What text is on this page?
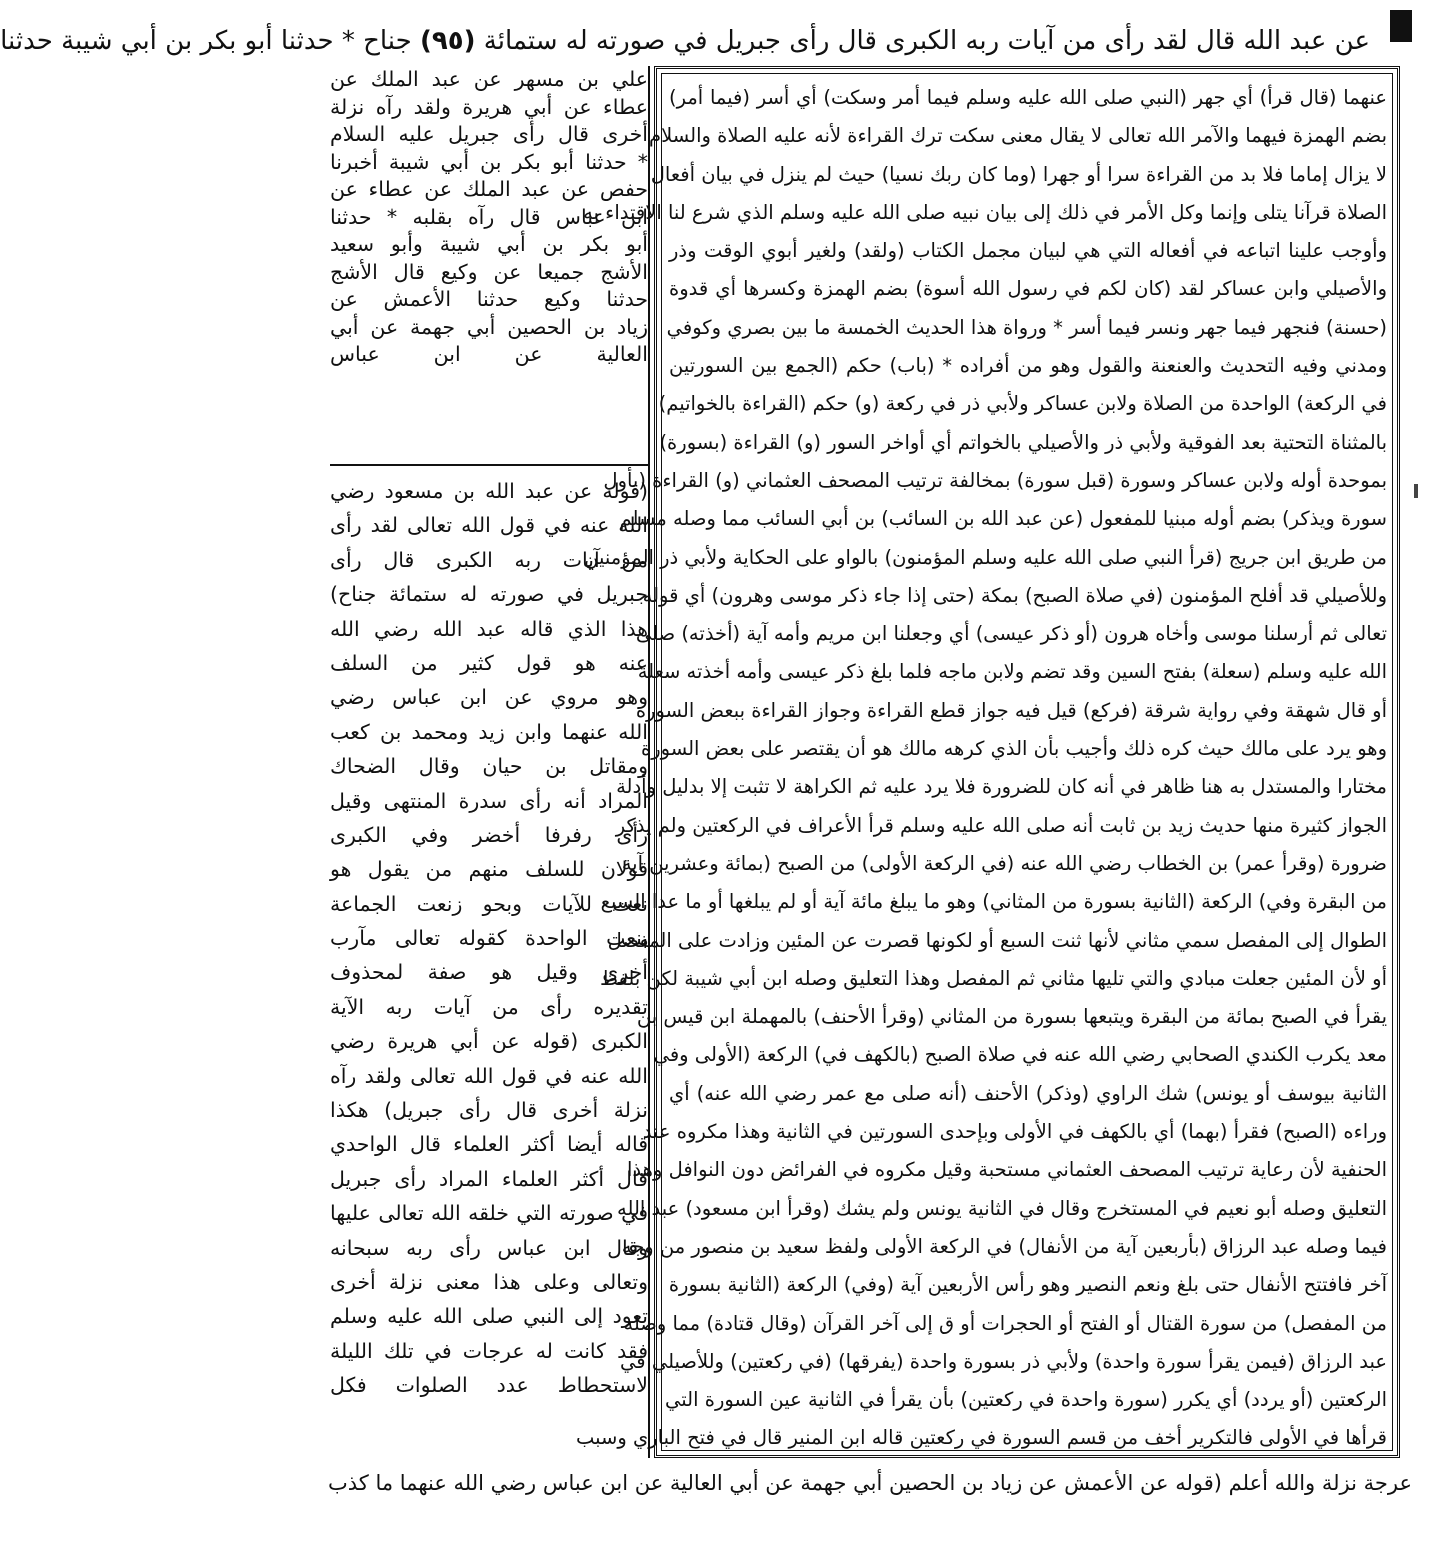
عن عبد الله قال لقد رأى من آيات ربه الكبرى قال رأى جبريل في صورته له ستمائة (٩٥) جناح * حدثنا أبو بكر بن أبي شيبة حدثنا
علي بن مسهر عن عبد الملك عن
عطاء عن أبي هريرة ولقد رآه نزلة
أخرى قال رأى جبريل عليه السلام
* حدثنا أبو بكر بن أبي شيبة أخبرنا
حفص عن عبد الملك عن عطاء عن
ابن عباس قال رآه بقلبه * حدثنا
أبو بكر بن أبي شيبة وأبو سعيد
الأشج جميعا عن وكيع قال الأشج
حدثنا وكيع حدثنا الأعمش عن
زياد بن الحصين أبي جهمة عن أبي
العالية عن ابن عباس
(قوله عن عبد الله بن مسعود رضي
الله عنه في قول الله تعالى لقد رأى
من آيات ربه الكبرى قال رأى
جبريل في صورته له ستمائة جناح)
هذا الذي قاله عبد الله رضي الله
عنه هو قول كثير من السلف
وهو مروي عن ابن عباس رضي
الله عنهما وابن زيد ومحمد بن كعب
ومقاتل بن حيان وقال الضحاك
المراد أنه رأى سدرة المنتهى وقيل
رأى رفرفا أخضر وفي الكبرى
قولان للسلف منهم من يقول هو
نعت للآيات وبحو زنعت الجماعة
بنعت الواحدة كقوله تعالى مآرب
أخرى وقيل هو صفة لمحذوف
تقديره رأى من آيات ربه الآية
الكبرى (قوله عن أبي هريرة رضي
الله عنه في قول الله تعالى ولقد رآه
نزلة أخرى قال رأى جبريل) هكذا
قاله أيضا أكثر العلماء قال الواحدي
قال أكثر العلماء المراد رأى جبريل
في صورته التي خلقه الله تعالى عليها
وقال ابن عباس رأى ربه سبحانه
وتعالى وعلى هذا معنى نزلة أخرى
تعود إلى النبي صلى الله عليه وسلم
فقد كانت له عرجات في تلك الليلة
لاستحطاط عدد الصلوات فكل
عنهما (قال قرأ) أي جهر (النبي صلى الله عليه وسلم فيما أمر وسكت) أي أسر (فيما أمر)
بضم الهمزة فيهما والآمر الله تعالى لا يقال معنى سكت ترك القراءة لأنه عليه الصلاة والسلام
لا يزال إماما فلا بد من القراءة سرا أو جهرا (وما كان ربك نسيا) حيث لم ينزل في بيان أفعال
الصلاة قرآنا يتلى وإنما وكل الأمر في ذلك إلى بيان نبيه صلى الله عليه وسلم الذي شرع لنا الاقتداء به
وأوجب علينا اتباعه في أفعاله التي هي لبيان مجمل الكتاب (ولقد) ولغير أبوي الوقت وذر
والأصيلي وابن عساكر لقد (كان لكم في رسول الله أسوة) بضم الهمزة وكسرها أي قدوة
(حسنة) فنجهر فيما جهر ونسر فيما أسر * ورواة هذا الحديث الخمسة ما بين بصري وكوفي
ومدني وفيه التحديث والعنعنة والقول وهو من أفراده * (باب) حكم (الجمع بين السورتين
في الركعة) الواحدة من الصلاة ولابن عساكر ولأبي ذر في ركعة (و) حكم (القراءة بالخواتيم)
بالمثناة التحتية بعد الفوقية ولأبي ذر والأصيلي بالخواتم أي أواخر السور (و) القراءة (بسورة)
بموحدة أوله ولابن عساكر وسورة (قبل سورة) بمخالفة ترتيب المصحف العثماني (و) القراءة (بأول
سورة ويذكر) بضم أوله مبنيا للمفعول (عن عبد الله بن السائب) بن أبي السائب مما وصله مسلم
من طريق ابن جريج (قرأ النبي صلى الله عليه وسلم المؤمنون) بالواو على الحكاية ولأبي ذر المؤمنين
وللأصيلي قد أفلح المؤمنون (في صلاة الصبح) بمكة (حتى إذا جاء ذكر موسى وهرون) أي قوله
تعالى ثم أرسلنا موسى وأخاه هرون (أو ذكر عيسى) أي وجعلنا ابن مريم وأمه آية (أخذته) صلى
الله عليه وسلم (سعلة) بفتح السين وقد تضم ولابن ماجه فلما بلغ ذكر عيسى وأمه أخذته سعلة
أو قال شهقة وفي رواية شرقة (فركع) قيل فيه جواز قطع القراءة وجواز القراءة ببعض السورة
وهو يرد على مالك حيث كره ذلك وأجيب بأن الذي كرهه مالك هو أن يقتصر على بعض السورة
مختارا والمستدل به هنا ظاهر في أنه كان للضرورة فلا يرد عليه ثم الكراهة لا تثبت إلا بدليل وأدلة
الجواز كثيرة منها حديث زيد بن ثابت أنه صلى الله عليه وسلم قرأ الأعراف في الركعتين ولم يذكر
ضرورة (وقرأ عمر) بن الخطاب رضي الله عنه (في الركعة الأولى) من الصبح (بمائة وعشرين آية
من البقرة وفي) الركعة (الثانية بسورة من المثاني) وهو ما يبلغ مائة آية أو لم يبلغها أو ما عدا السبع
الطوال إلى المفصل سمي مثاني لأنها ثنت السبع أو لكونها قصرت عن المئين وزادت على المفصل
أو لأن المئين جعلت مبادي والتي تليها مثاني ثم المفصل وهذا التعليق وصله ابن أبي شيبة لكن بلفظ
يقرأ في الصبح بمائة من البقرة ويتبعها بسورة من المثاني (وقرأ الأحنف) بالمهملة ابن قيس بن
معد يكرب الكندي الصحابي رضي الله عنه في صلاة الصبح (بالكهف في) الركعة (الأولى وفي
الثانية بيوسف أو يونس) شك الراوي (وذكر) الأحنف (أنه صلى مع عمر رضي الله عنه) أي
وراءه (الصبح) فقرأ (بهما) أي بالكهف في الأولى وبإحدى السورتين في الثانية وهذا مكروه عند
الحنفية لأن رعاية ترتيب المصحف العثماني مستحبة وقيل مكروه في الفرائض دون النوافل وهذا
التعليق وصله أبو نعيم في المستخرج وقال في الثانية يونس ولم يشك (وقرأ ابن مسعود) عبد الله
فيما وصله عبد الرزاق (بأربعين آية من الأنفال) في الركعة الأولى ولفظ سعيد بن منصور من وجه
آخر فافتتح الأنفال حتى بلغ ونعم النصير وهو رأس الأربعين آية (وفي) الركعة (الثانية بسورة
من المفصل) من سورة القتال أو الفتح أو الحجرات أو ق إلى آخر القرآن (وقال قتادة) مما وصله
عبد الرزاق (فيمن يقرأ سورة واحدة) ولأبي ذر بسورة واحدة (يفرقها) (في ركعتين) وللأصيلي في
الركعتين (أو يردد) أي يكرر (سورة واحدة في ركعتين) بأن يقرأ في الثانية عين السورة التي
قرأها في الأولى فالتكرير أخف من قسم السورة في ركعتين قاله ابن المنير قال في فتح الباري وسبب
عرجة نزلة والله أعلم (قوله عن الأعمش عن زياد بن الحصين أبي جهمة عن أبي العالية عن ابن عباس رضي الله عنهما ما كذب
